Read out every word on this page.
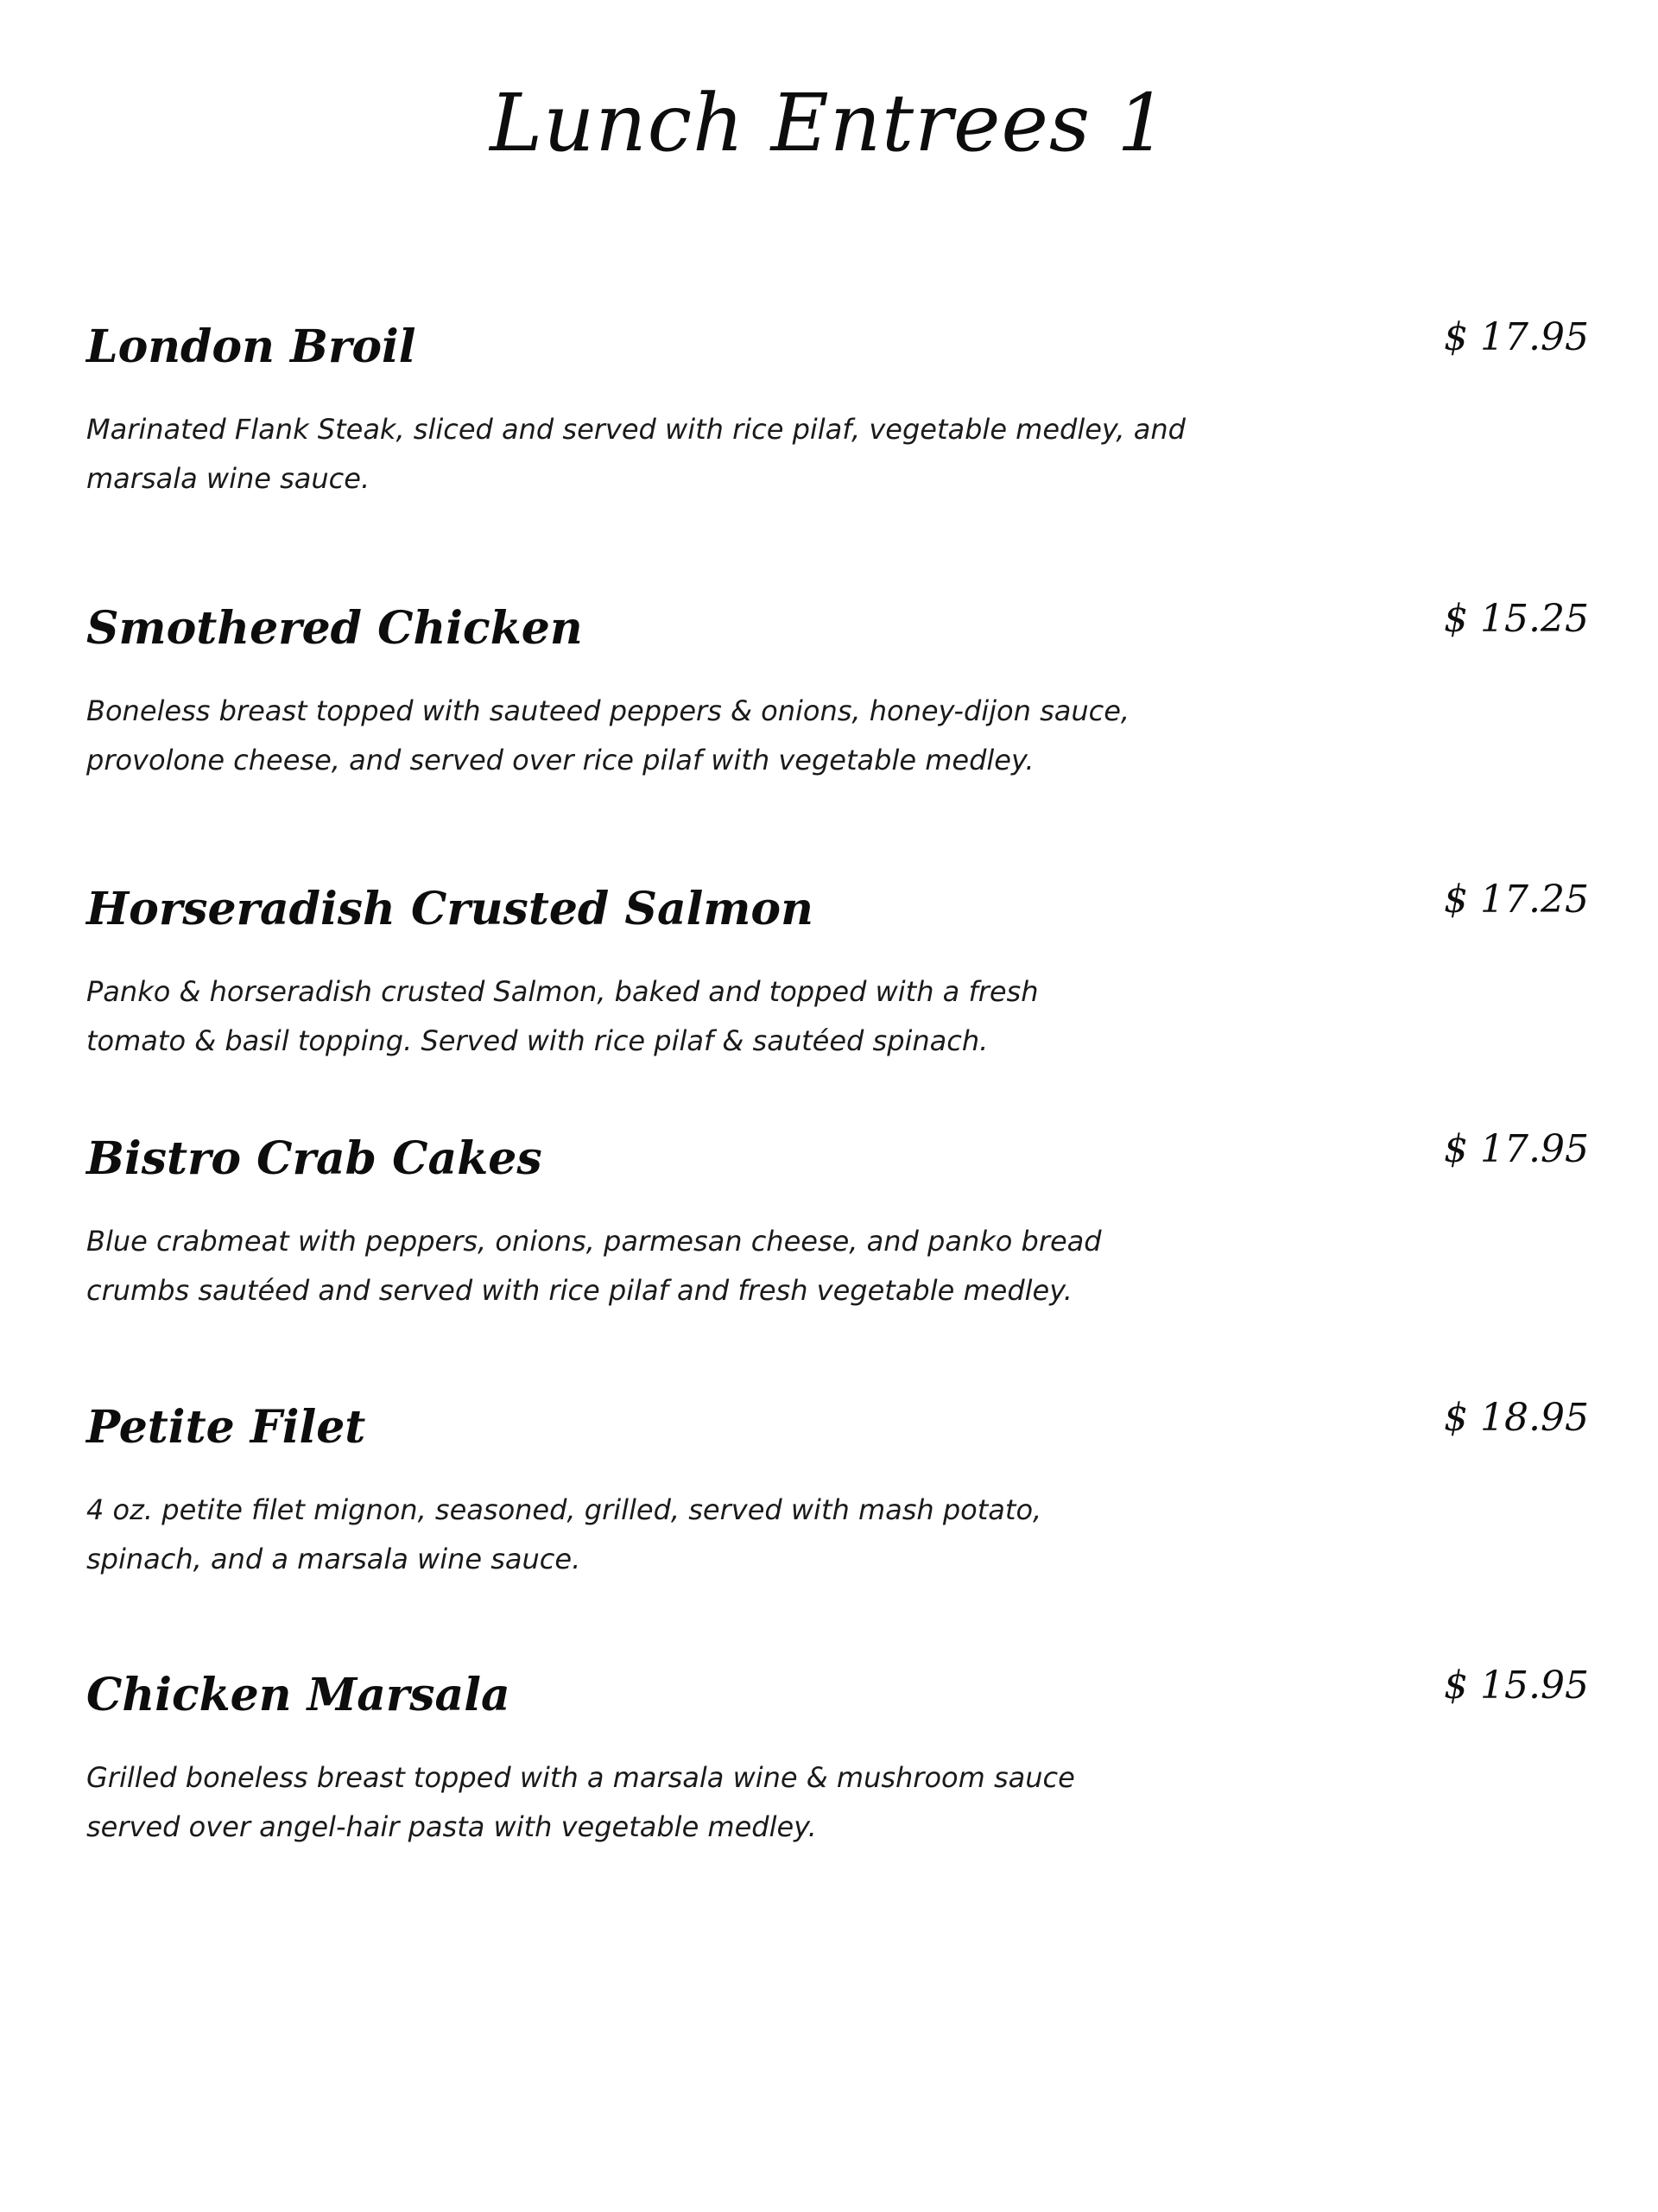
Lunch Entrees 1
London Broil	$ 17.95
Marinated Flank Steak, sliced and served with rice pilaf, vegetable medley, and
marsala wine sauce.
Smothered Chicken	$ 15.25
Boneless breast topped with sauteed peppers & onions, honey-dijon sauce,
provolone cheese, and served over rice pilaf with vegetable medley.
Horseradish Crusted Salmon	$ 17.25
Panko & horseradish crusted Salmon, baked and topped with a fresh
tomato & basil topping. Served with rice pilaf & sautéed spinach.
Bistro Crab Cakes	$ 17.95
Blue crabmeat with peppers, onions, parmesan cheese, and panko bread
crumbs sautéed and served with rice pilaf and fresh vegetable medley.
Petite Filet	$ 18.95
4 oz. petite filet mignon, seasoned, grilled, served with mash potato,
spinach, and a marsala wine sauce.
Chicken Marsala	$ 15.95
Grilled boneless breast topped with a marsala wine & mushroom sauce
served over angel-hair pasta with vegetable medley.
